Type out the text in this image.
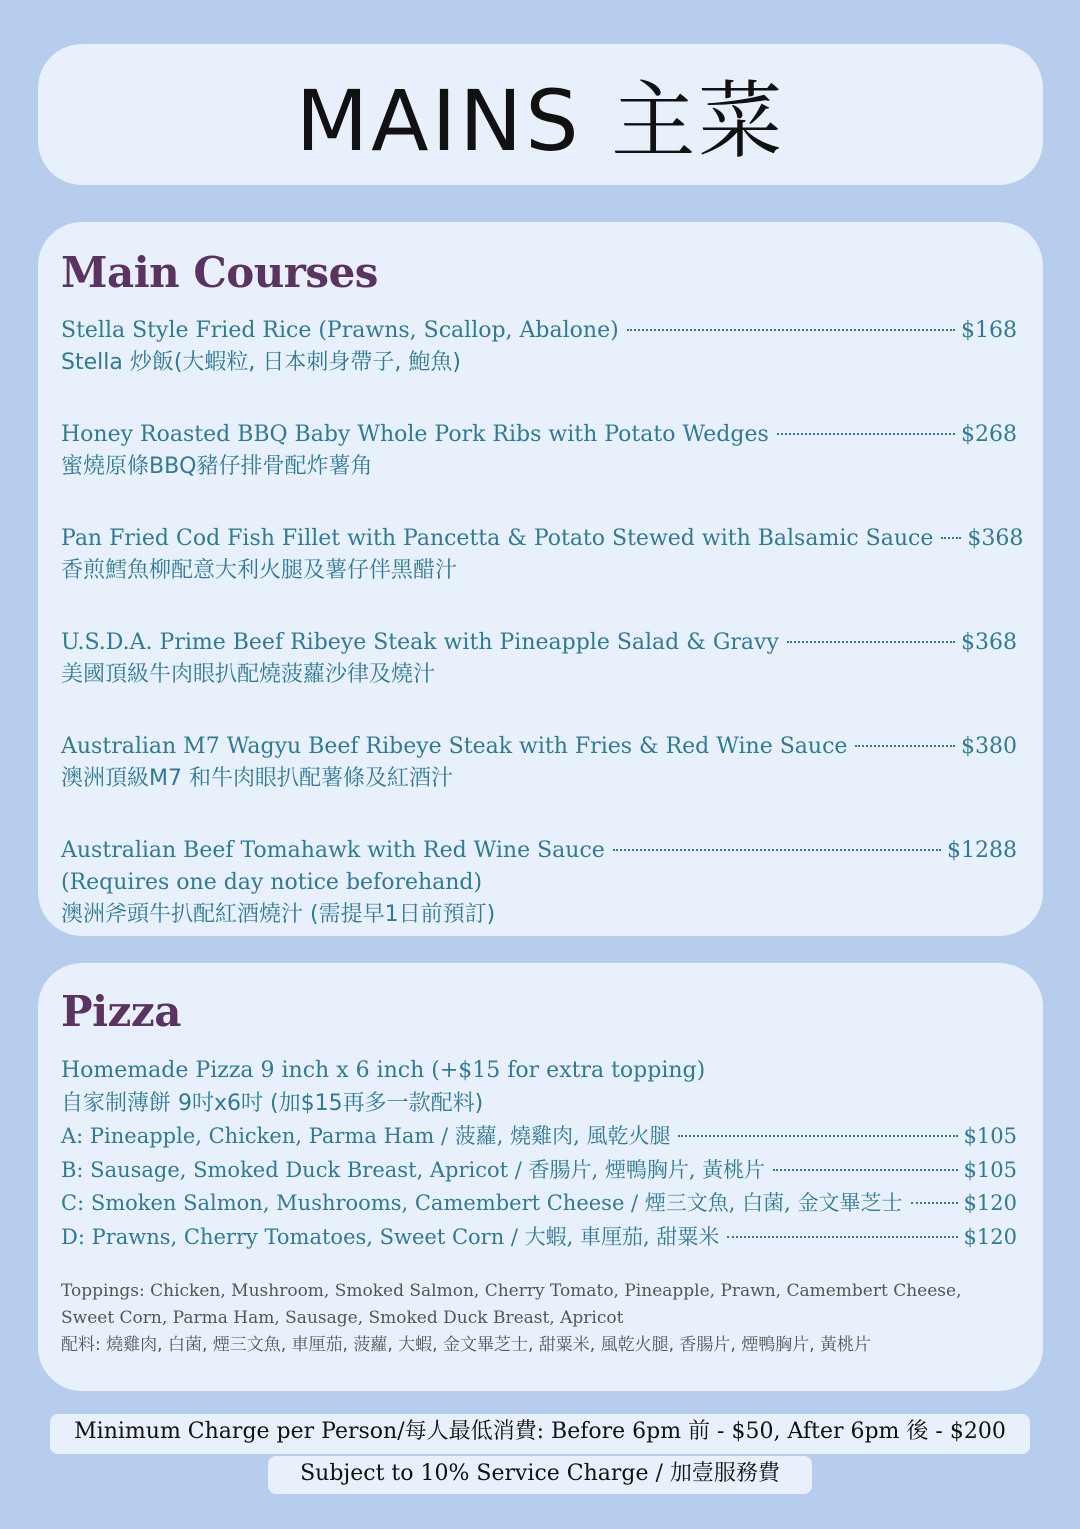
MAINS 主菜
Main Courses
Stella Style Fried Rice (Prawns, Scallop, Abalone)	$168
Stella 炒飯(大蝦粒, 日本刺身帶子, 鮑魚)
Honey Roasted BBQ Baby Whole Pork Ribs with Potato Wedges	$268
蜜燒原條BBQ豬仔排骨配炸薯角
Pan Fried Cod Fish Fillet with Pancetta & Potato Stewed with Balsamic Sauce $368
香煎鱈魚柳配意大利火腿及薯仔伴黑醋汁
U.S.D.A. Prime Beef Ribeye Steak with Pineapple Salad & Gravy	$368
美國頂級牛肉眼扒配燒菠蘿沙律及燒汁
Australian M7 Wagyu Beef Ribeye Steak with Fries & Red Wine Sauce	$380
澳洲頂級M7 和牛肉眼扒配薯條及紅酒汁
Australian Beef Tomahawk with Red Wine Sauce	$1288
(Requires one day notice beforehand)
澳洲斧頭牛扒配紅酒燒汁 (需提早1日前預訂)
Pizza
Homemade Pizza 9 inch x 6 inch (+$15 for extra topping)
自家制薄餅 9吋x6吋 (加$15再多一款配料)
A: Pineapple, Chicken, Parma Ham / 菠蘿, 燒雞肉, 風乾火腿	$105
B: Sausage, Smoked Duck Breast, Apricot / 香腸片, 煙鴨胸片, 黃桃片	$105
C: Smoken Salmon, Mushrooms, Camembert Cheese / 煙三文魚, 白菌, 金文畢芝士	$120
D: Prawns, Cherry Tomatoes, Sweet Corn / 大蝦, 車厘茄, 甜粟米	$120
Toppings: Chicken, Mushroom, Smoked Salmon, Cherry Tomato, Pineapple, Prawn, Camembert Cheese, Sweet Corn, Parma Ham, Sausage, Smoked Duck Breast, Apricot
配料: 燒雞肉, 白菌, 煙三文魚, 車厘茄, 菠蘿, 大蝦, 金文畢芝士, 甜粟米, 風乾火腿, 香腸片, 煙鴨胸片, 黃桃片
Minimum Charge per Person/每人最低消費: Before 6pm 前 - $50, After 6pm 後 - $200
Subject to 10% Service Charge / 加壹服務費
